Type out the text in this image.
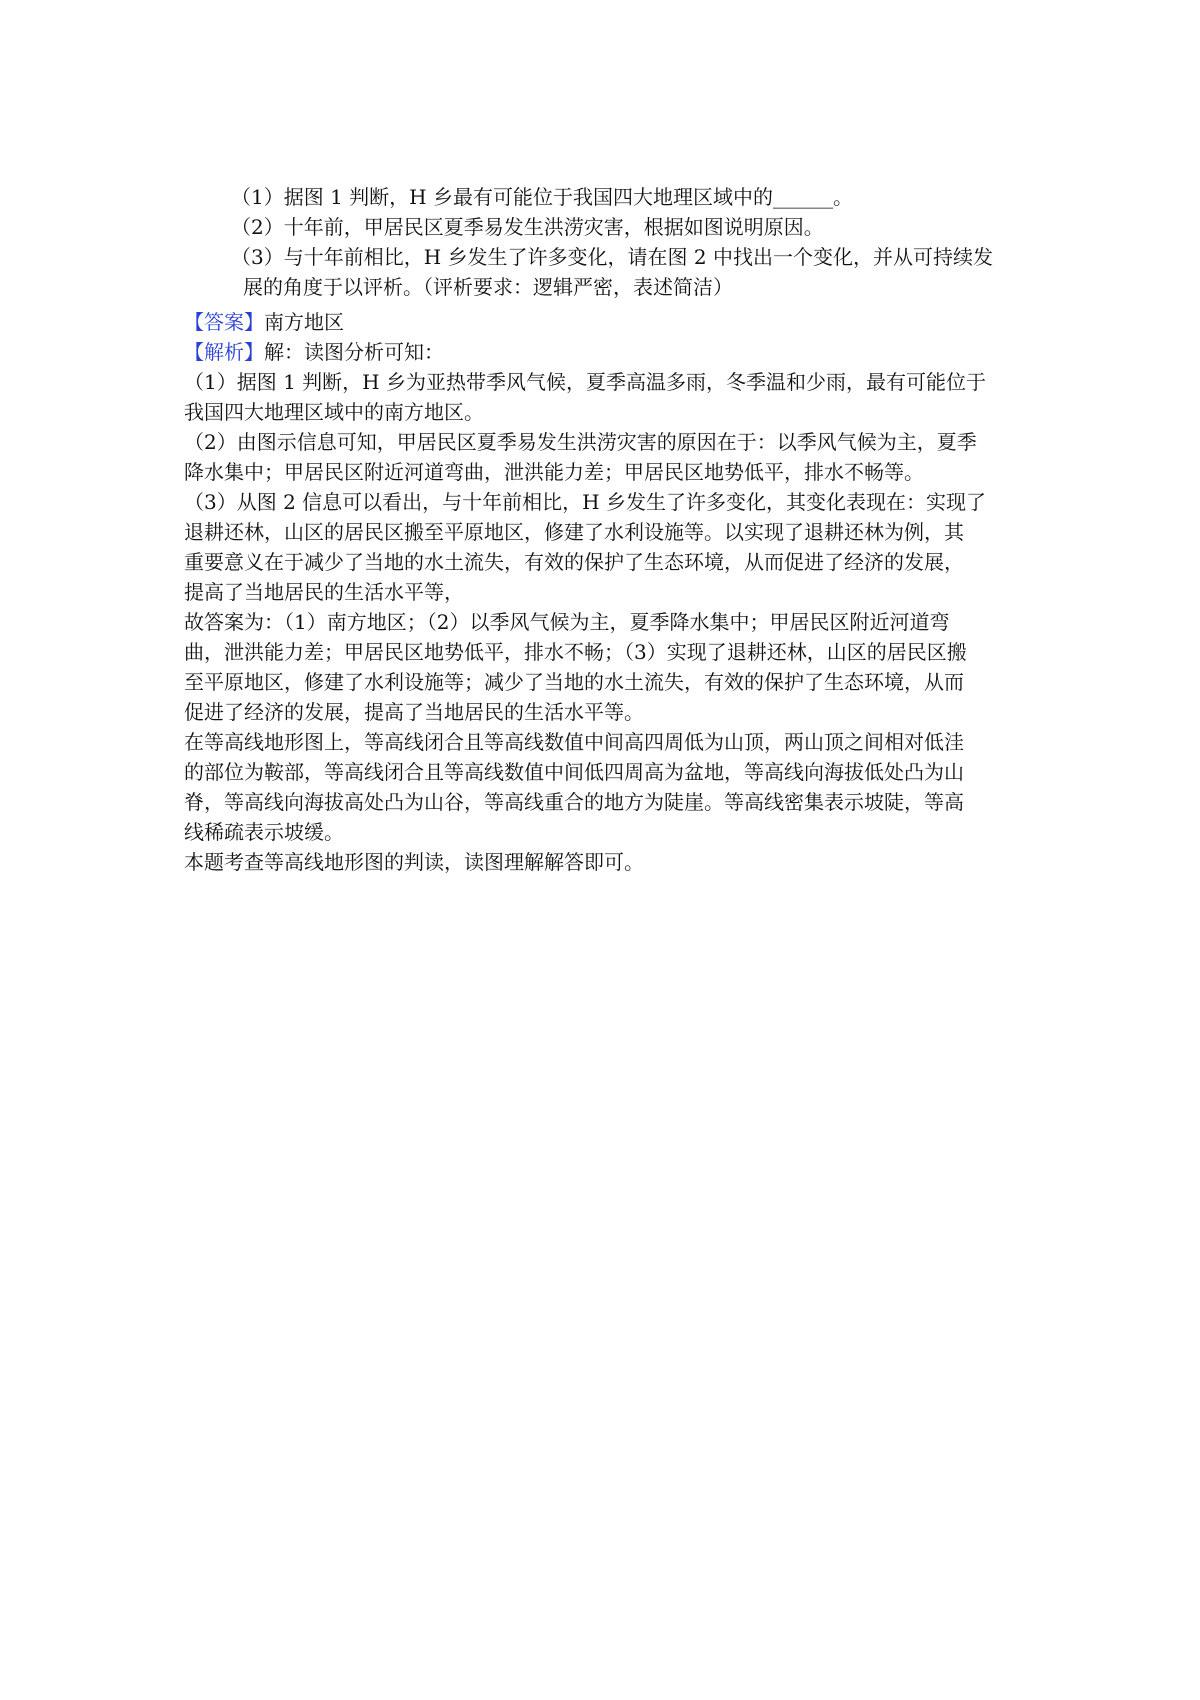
（1）据图 1 判断，H 乡最有可能位于我国四大地理区域中的______。
（2）十年前，甲居民区夏季易发生洪涝灾害，根据如图说明原因。
（3）与十年前相比，H 乡发生了许多变化，请在图 2 中找出一个变化，并从可持续发
展的角度于以评析。（评析要求：逻辑严密，表述简洁）
【答案】南方地区
【解析】解：读图分析可知：
（1）据图 1 判断，H 乡为亚热带季风气候，夏季高温多雨，冬季温和少雨，最有可能位于
我国四大地理区域中的南方地区。
（2）由图示信息可知，甲居民区夏季易发生洪涝灾害的原因在于：以季风气候为主，夏季
降水集中；甲居民区附近河道弯曲，泄洪能力差；甲居民区地势低平，排水不畅等。
（3）从图 2 信息可以看出，与十年前相比，H 乡发生了许多变化，其变化表现在：实现了
退耕还林，山区的居民区搬至平原地区，修建了水利设施等。以实现了退耕还林为例，其
重要意义在于减少了当地的水土流失，有效的保护了生态环境，从而促进了经济的发展，
提高了当地居民的生活水平等，
故答案为：（1）南方地区；（2）以季风气候为主，夏季降水集中；甲居民区附近河道弯
曲，泄洪能力差；甲居民区地势低平，排水不畅；（3）实现了退耕还林，山区的居民区搬
至平原地区，修建了水利设施等；减少了当地的水土流失，有效的保护了生态环境，从而
促进了经济的发展，提高了当地居民的生活水平等。
在等高线地形图上，等高线闭合且等高线数值中间高四周低为山顶，两山顶之间相对低洼
的部位为鞍部，等高线闭合且等高线数值中间低四周高为盆地，等高线向海拔低处凸为山
脊，等高线向海拔高处凸为山谷，等高线重合的地方为陡崖。等高线密集表示坡陡，等高
线稀疏表示坡缓。
本题考查等高线地形图的判读，读图理解解答即可。
